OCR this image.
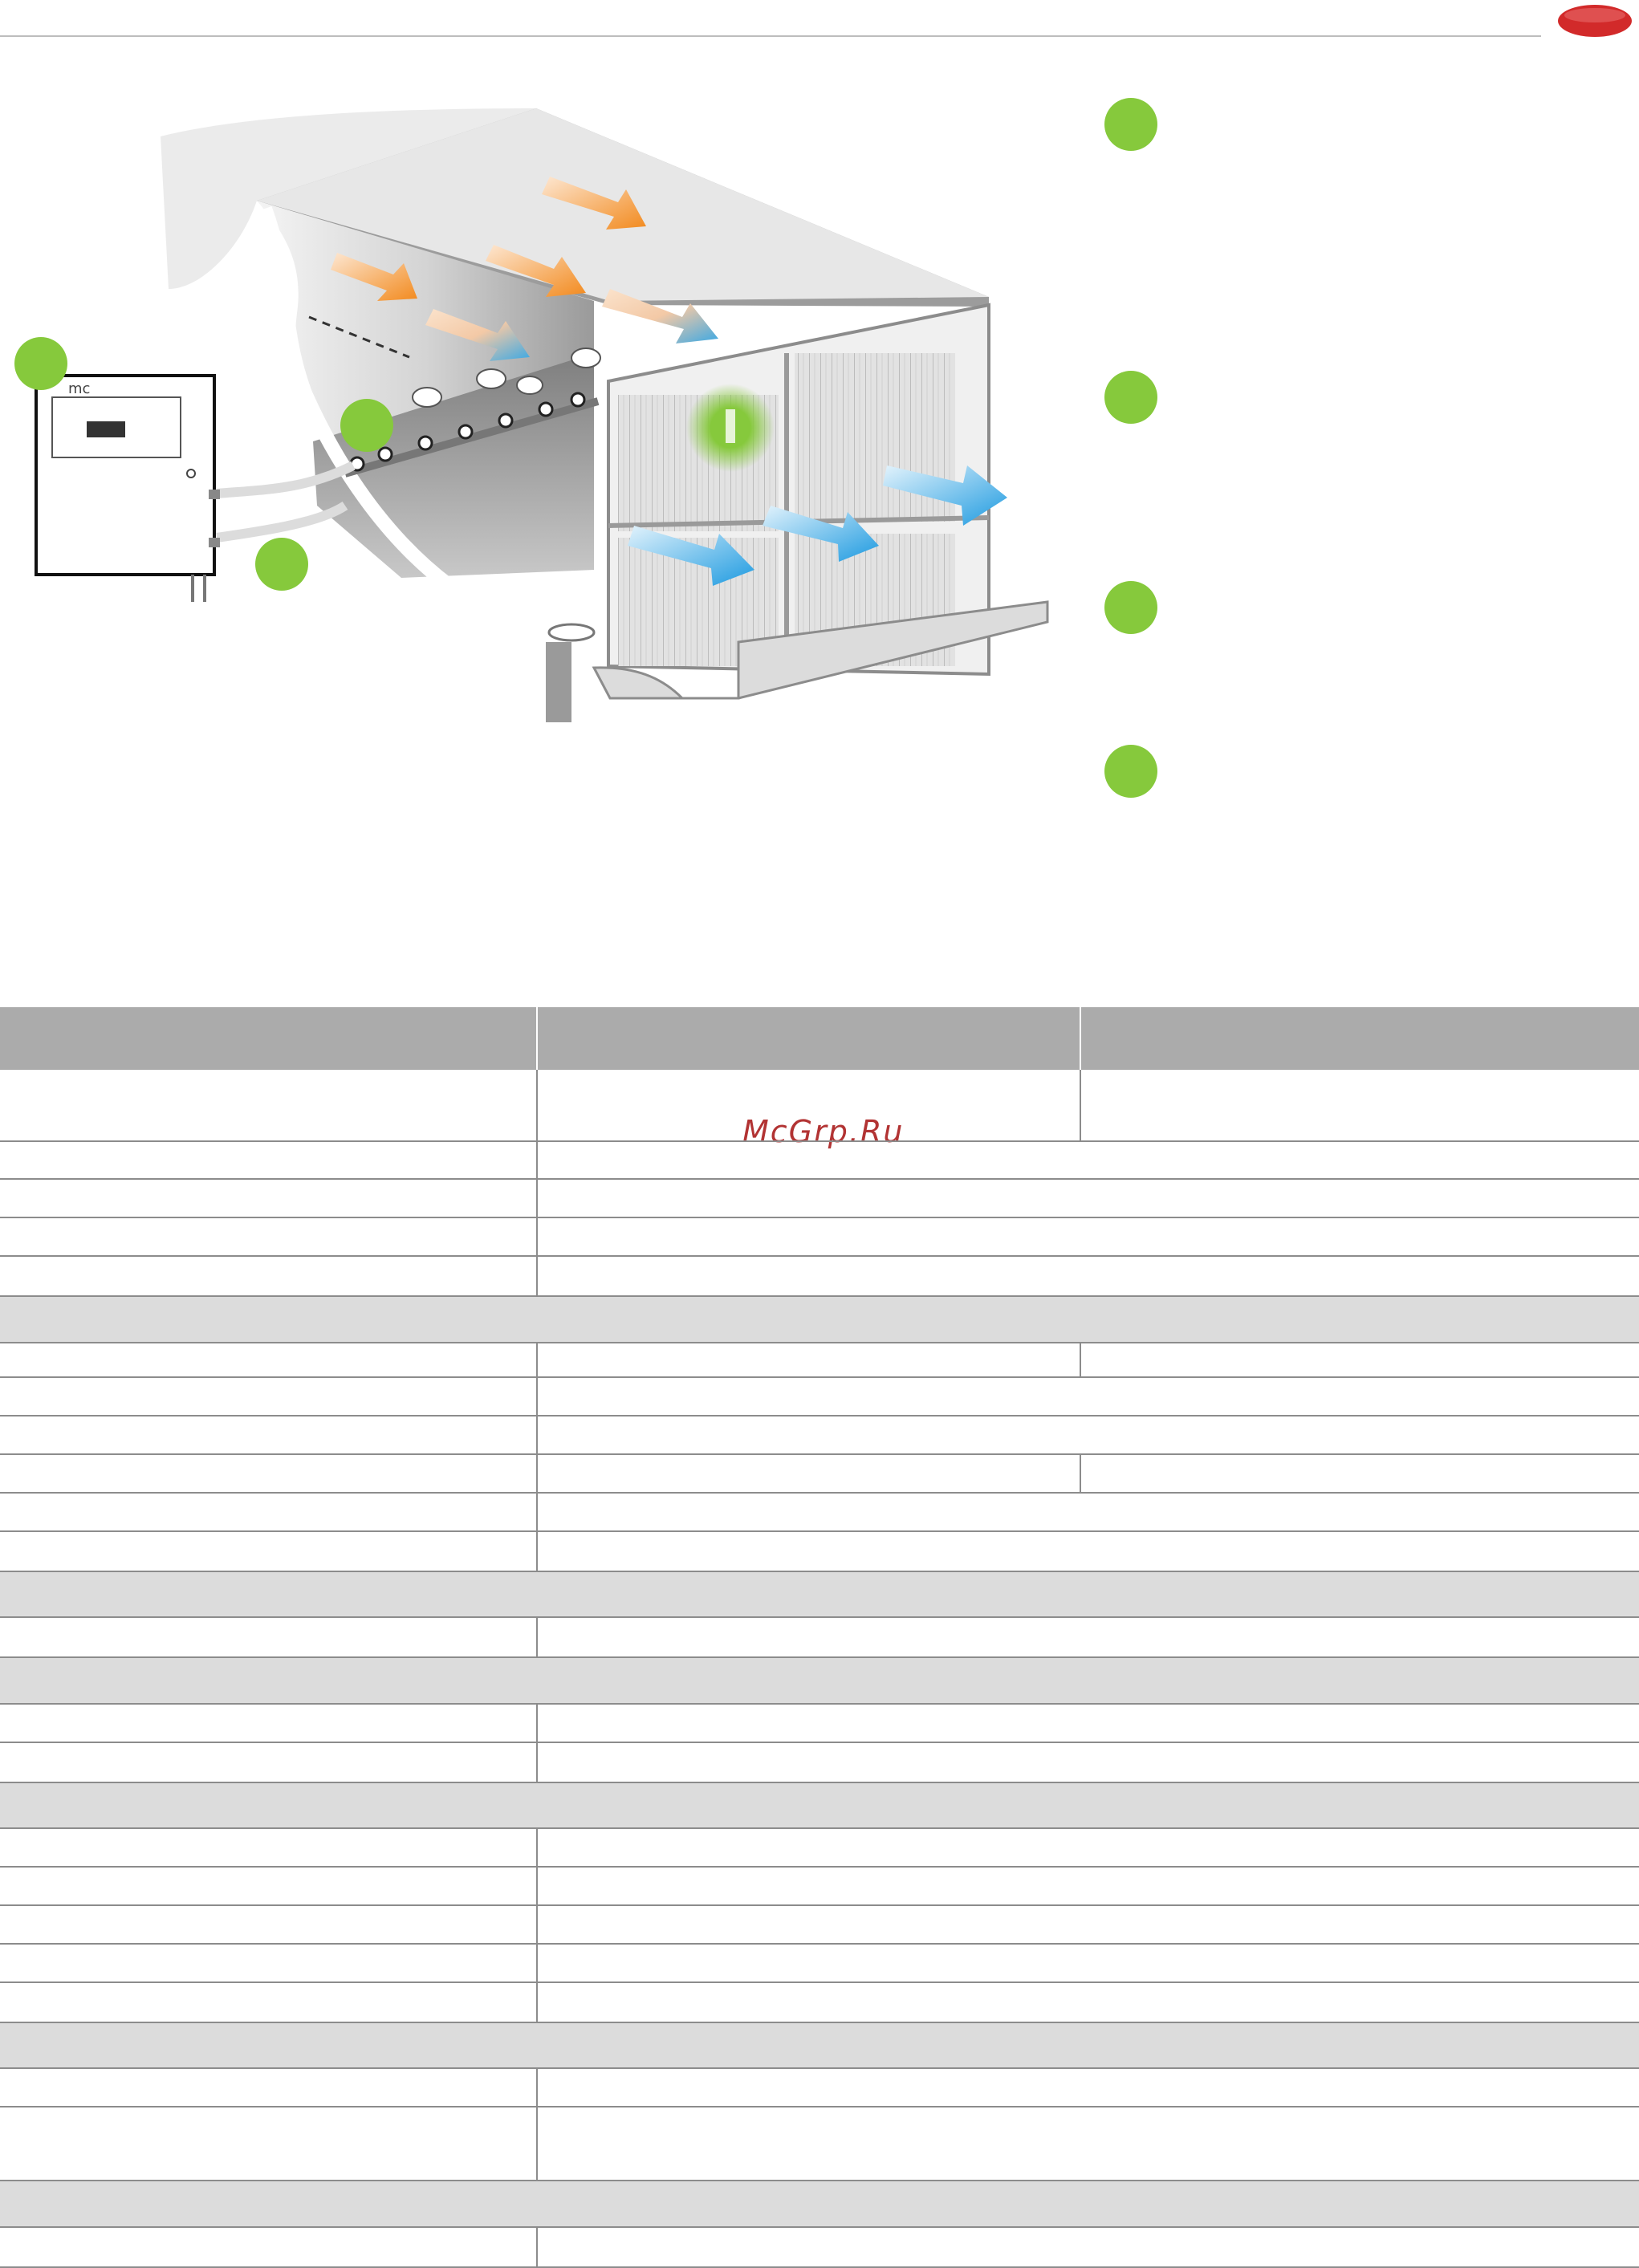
mc
McGrp.Ru
